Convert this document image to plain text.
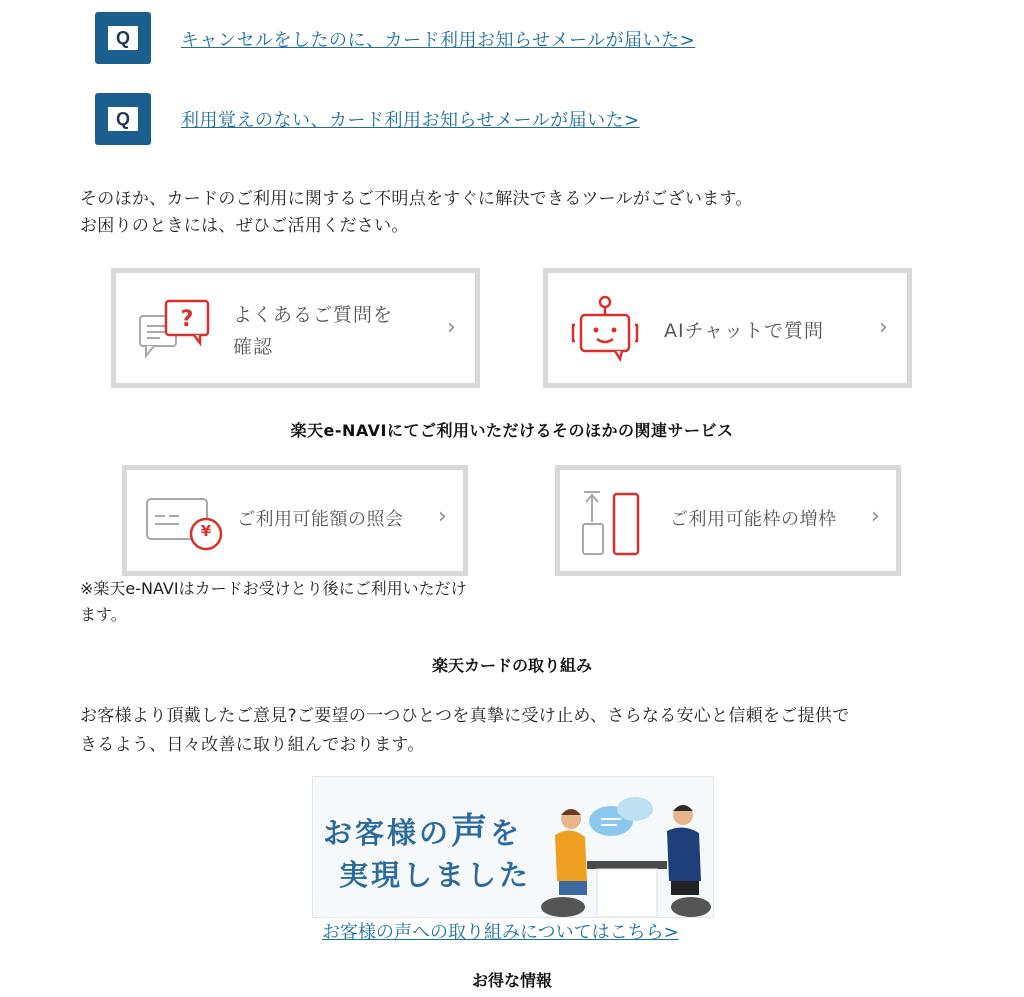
Q	キャンセルをしたのに、カード利用お知らせメールが届いた>
Q	利用覚えのない、カード利用お知らせメールが届いた>
そのほか、カードのご利用に関するご不明点をすぐに解決できるツールがございます。
お困りのときには、ぜひご活用ください。
? よくあるご質問を
確認
›	AIチャットで質問 ›
楽天e-NAVIにてご利用いただけるそのほかの関連サービス
¥
ご利用可能額の照会 ›	ご利用可能枠の増枠 ›
※楽天e-NAVIはカードお受けとり後にご利用いただけ
ます。
楽天カードの取り組み
お客様より頂戴したご意見?ご要望の一つひとつを真摯に受け止め、さらなる安心と信頼をご提供で
きるよう、日々改善に取り組んでおります。
お客様の声を
実現しました
お客様の声への取り組みについてはこちら>
お得な情報
